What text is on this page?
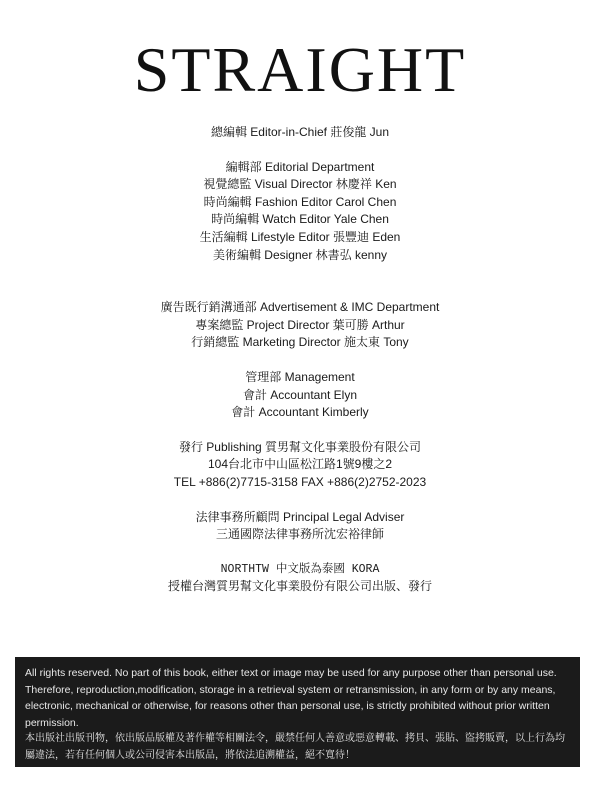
STRAIGHT
總編輯 Editor-in-Chief 莊俊龍 Jun
編輯部 Editorial Department
視覺總監 Visual Director 林慶祥 Ken
時尚編輯 Fashion Editor Carol Chen
時尚編輯 Watch Editor Yale Chen
生活編輯 Lifestyle Editor 張豐迪 Eden
美術編輯 Designer 林書弘 kenny
廣告既行銷溝通部 Advertisement & IMC Department
專案總監 Project Director 葉可勝 Arthur
行銷總監 Marketing Director 施太東 Tony
管理部 Management
會計 Accountant Elyn
會計 Accountant Kimberly
發行 Publishing 質男幫文化事業股份有限公司
104台北市中山區松江路1號9樓之2
TEL +886(2)7715-3158 FAX +886(2)2752-2023
法律事務所顧問 Principal Legal Adviser
三通國際法律事務所沈宏裕律師
NORTHTW 中文版為泰國 KORA
授權台灣質男幫文化事業股份有限公司出版、發行
All rights reserved. No part of this book, either text or image may be used for any purpose other than personal use. Therefore, reproduction,modification, storage in a retrieval system or retransmission, in any form or by any means, electronic, mechanical or otherwise, for reasons other than personal use, is strictly prohibited without prior written permission.
本出版社出版刊物，依出版品版權及著作權等相關法令，嚴禁任何人善意或惡意轉載、拷貝、張貼、盜拷販賣，以上行為均屬違法，若有任何個人或公司侵害本出版品，將依法追溯權益，絕不寬待！
